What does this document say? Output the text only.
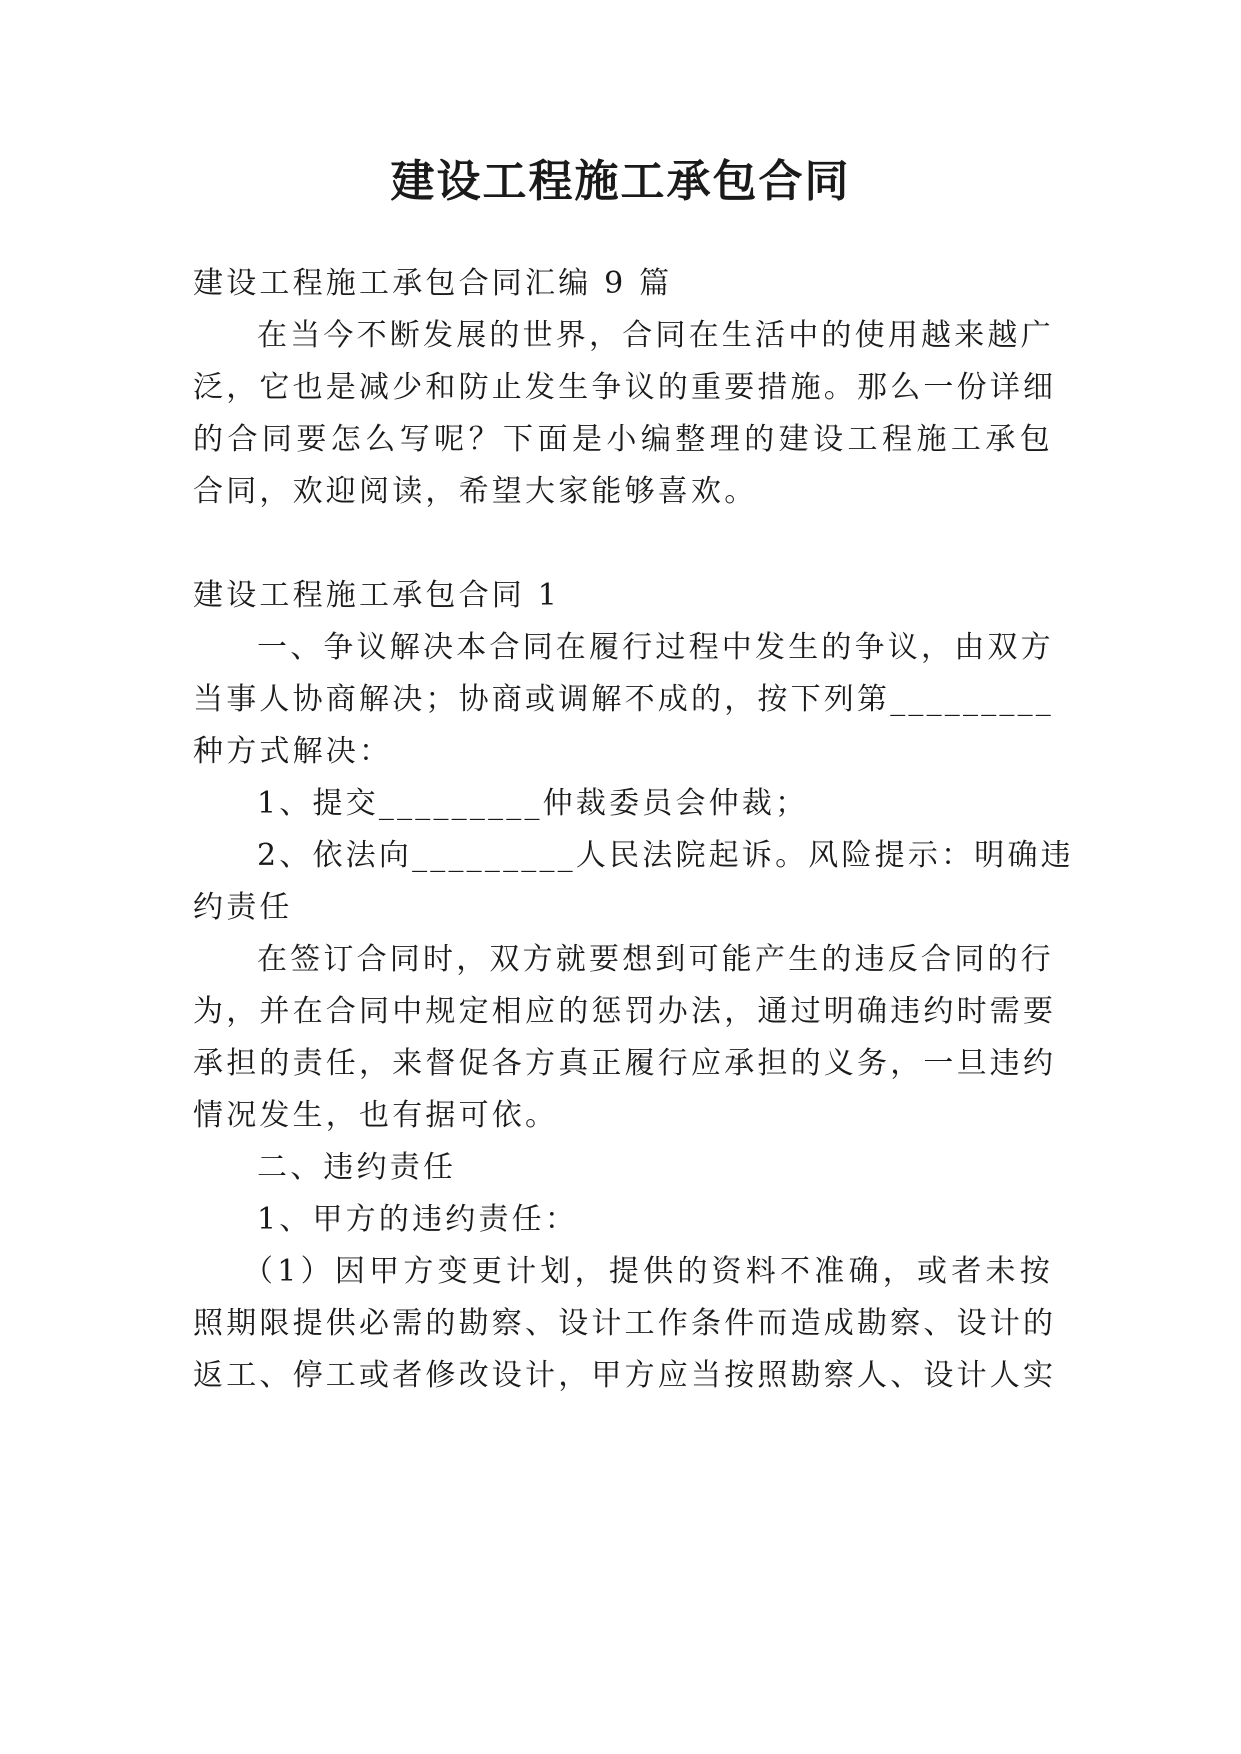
建设工程施工承包合同
建设工程施工承包合同汇编 9 篇
在当今不断发展的世界，合同在生活中的使用越来越广
泛，它也是减少和防止发生争议的重要措施。那么一份详细
的合同要怎么写呢？下面是小编整理的建设工程施工承包
合同，欢迎阅读，希望大家能够喜欢。
建设工程施工承包合同 1
一、争议解决本合同在履行过程中发生的争议，由双方
当事人协商解决；协商或调解不成的，按下列第_________
种方式解决：
1、提交_________仲裁委员会仲裁；
2、依法向_________人民法院起诉。风险提示：明确违
约责任
在签订合同时，双方就要想到可能产生的违反合同的行
为，并在合同中规定相应的惩罚办法，通过明确违约时需要
承担的责任，来督促各方真正履行应承担的义务，一旦违约
情况发生，也有据可依。
二、违约责任
1、甲方的违约责任：
（1）因甲方变更计划，提供的资料不准确，或者未按
照期限提供必需的勘察、设计工作条件而造成勘察、设计的
返工、停工或者修改设计，甲方应当按照勘察人、设计人实
